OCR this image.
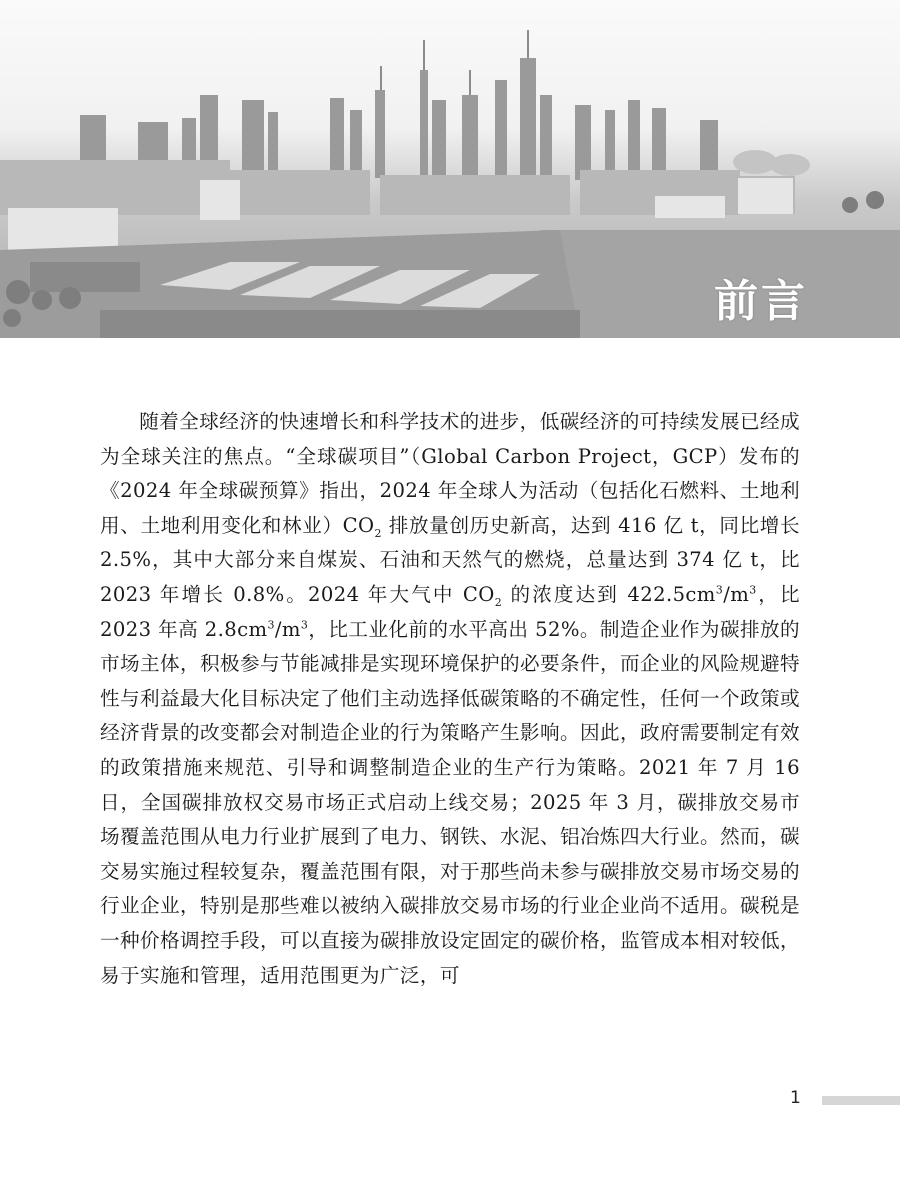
前言

随着全球经济的快速增长和科学技术的进步，低碳经济的可持续发展已经成为全球关注的焦点。“全球碳项目”（Global Carbon Project，GCP）发布的《2024 年全球碳预算》指出，2024 年全球人为活动（包括化石燃料、土地利用、土地利用变化和林业）$CO_2$ 排放量创历史新高，达到 416 亿 t，同比增长 2.5%，其中大部分来自煤炭、石油和天然气的燃烧，总量达到 374 亿 t，比 2023 年增长 0.8%。2024 年大气中 $CO_2$ 的浓度达到 $422.5cm^3/m^3$，比 2023 年高 $2.8cm^3/m^3$，比工业化前的水平高出 52%。制造企业作为碳排放的市场主体，积极参与节能减排是实现环境保护的必要条件，而企业的风险规避特性与利益最大化目标决定了他们主动选择低碳策略的不确定性，任何一个政策或经济背景的改变都会对制造企业的行为策略产生影响。因此，政府需要制定有效的政策措施来规范、引导和调整制造企业的生产行为策略。2021 年 7 月 16 日，全国碳排放权交易市场正式启动上线交易；2025 年 3 月，碳排放交易市场覆盖范围从电力行业扩展到了电力、钢铁、水泥、铝冶炼四大行业。然而，碳交易实施过程较复杂，覆盖范围有限，对于那些尚未参与碳排放交易市场交易的行业企业，特别是那些难以被纳入碳排放交易市场的行业企业尚不适用。碳税是一种价格调控手段，可以直接为碳排放设定固定的碳价格，监管成本相对较低，易于实施和管理，适用范围更为广泛，可

1
